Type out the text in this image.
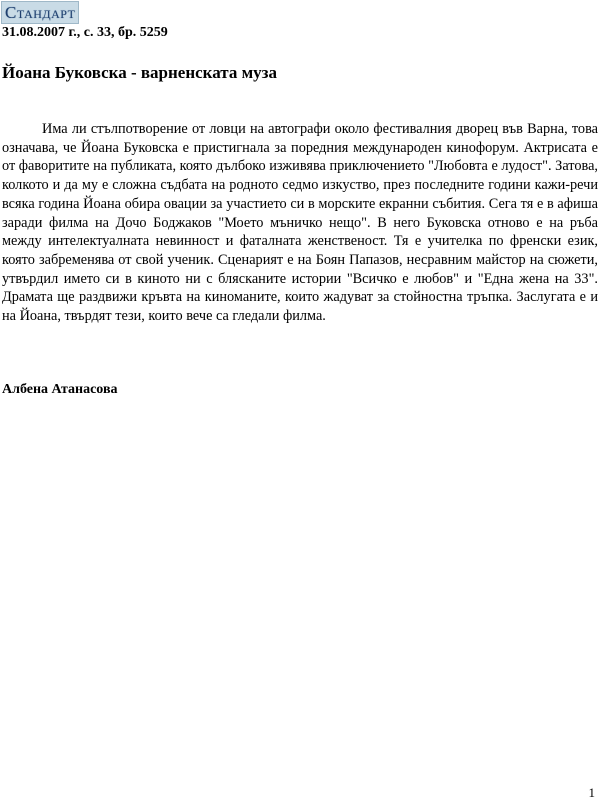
Стандарт
31.08.2007 г., с. 33, бр. 5259
Йоана Буковска - варненската муза

Има ли стълпотворение от ловци на автографи около фестивалния дворец във Варна, това означава, че Йоана Буковска е пристигнала за поредния международен кинофорум. Актрисата е от фаворитите на публиката, която дълбоко изживява приключението "Любовта е лудост". Затова, колкото и да му е сложна съдбата на родното седмо изкуство, през последните години кажи-речи всяка година Йоана обира овации за участието си в морските екранни събития. Сега тя е в афиша заради филма на Дочо Боджаков "Моето мъничко нещо". В него Буковска отново е на ръба между интелектуалната невинност и фаталната женственост. Тя е учителка по френски език, която забременява от свой ученик. Сценарият е на Боян Папазов, несравним майстор на сюжети, утвърдил името си в киното ни с блясканите истории "Всичко е любов" и "Една жена на 33". Драмата ще раздвижи кръвта на киноманите, които жадуват за стойностна тръпка. Заслугата е и на Йоана, твърдят тези, които вече са гледали филма.

Албена Атанасова
1
